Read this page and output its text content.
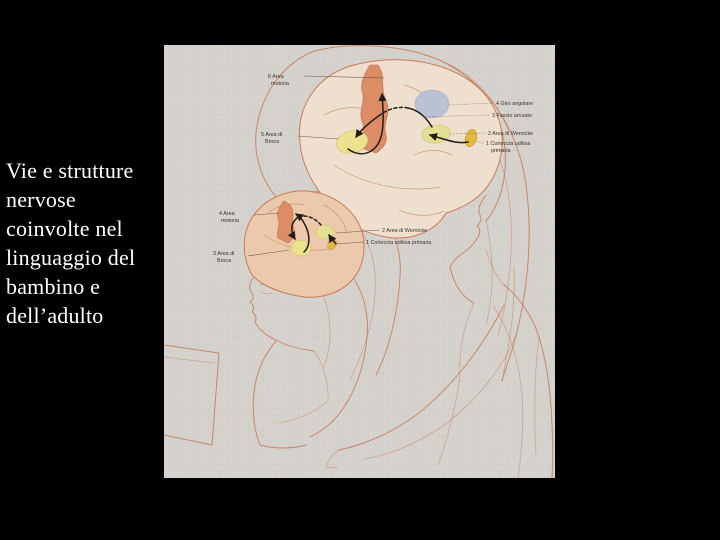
Vie e strutture
nervose
coinvolte nel
linguaggio del
bambino e
dell’adulto
6 Area
motoria
5 Area di
Broca
4 Giro angolare
3 Fascio arcuato
2 Area di Wernicke
1 Corteccia uditiva
primaria
4 Area
motoria
3 Area di
Broca
2 Area di Wernicke
1 Corteccia uditiva primaria
